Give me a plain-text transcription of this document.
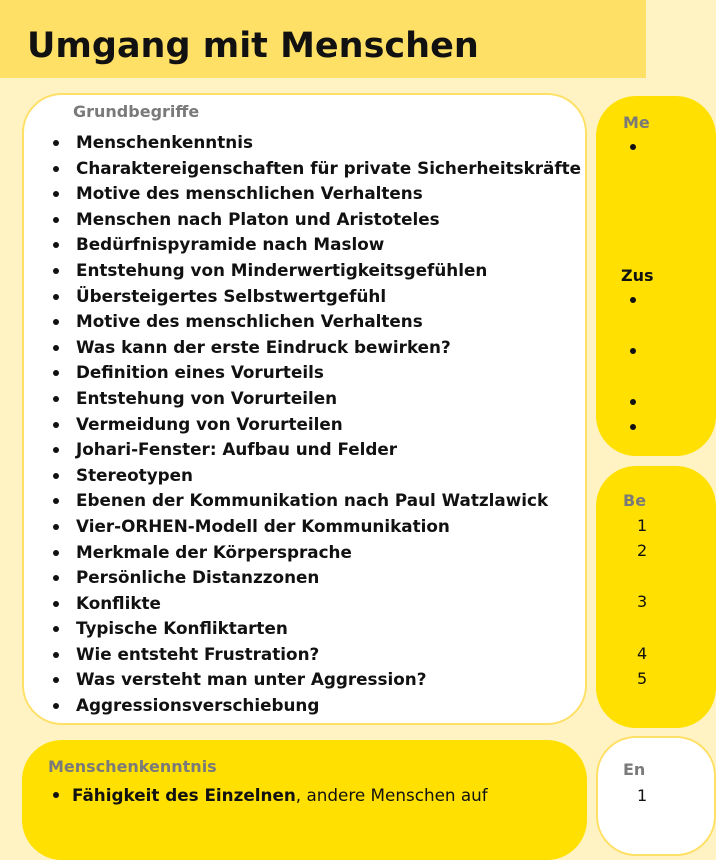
Umgang mit Menschen
Grundbegriffe
Menschenkenntnis
Charaktereigenschaften für private Sicherheitskräfte
Motive des menschlichen Verhaltens
Menschen nach Platon und Aristoteles
Bedürfnispyramide nach Maslow
Entstehung von Minderwertigkeitsgefühlen
Übersteigertes Selbstwertgefühl
Motive des menschlichen Verhaltens
Was kann der erste Eindruck bewirken?
Definition eines Vorurteils
Entstehung von Vorurteilen
Vermeidung von Vorurteilen
Johari-Fenster: Aufbau und Felder
Stereotypen
Ebenen der Kommunikation nach Paul Watzlawick
Vier-ORHEN-Modell der Kommunikation
Merkmale der Körpersprache
Persönliche Distanzzonen
Konflikte
Typische Konfliktarten
Wie entsteht Frustration?
Was versteht man unter Aggression?
Aggressionsverschiebung
Menschenkenntnis
Fähigkeit des Einzelnen, andere Menschen auf
Me
Zus
Be
1
2
3
4
5
En
1
